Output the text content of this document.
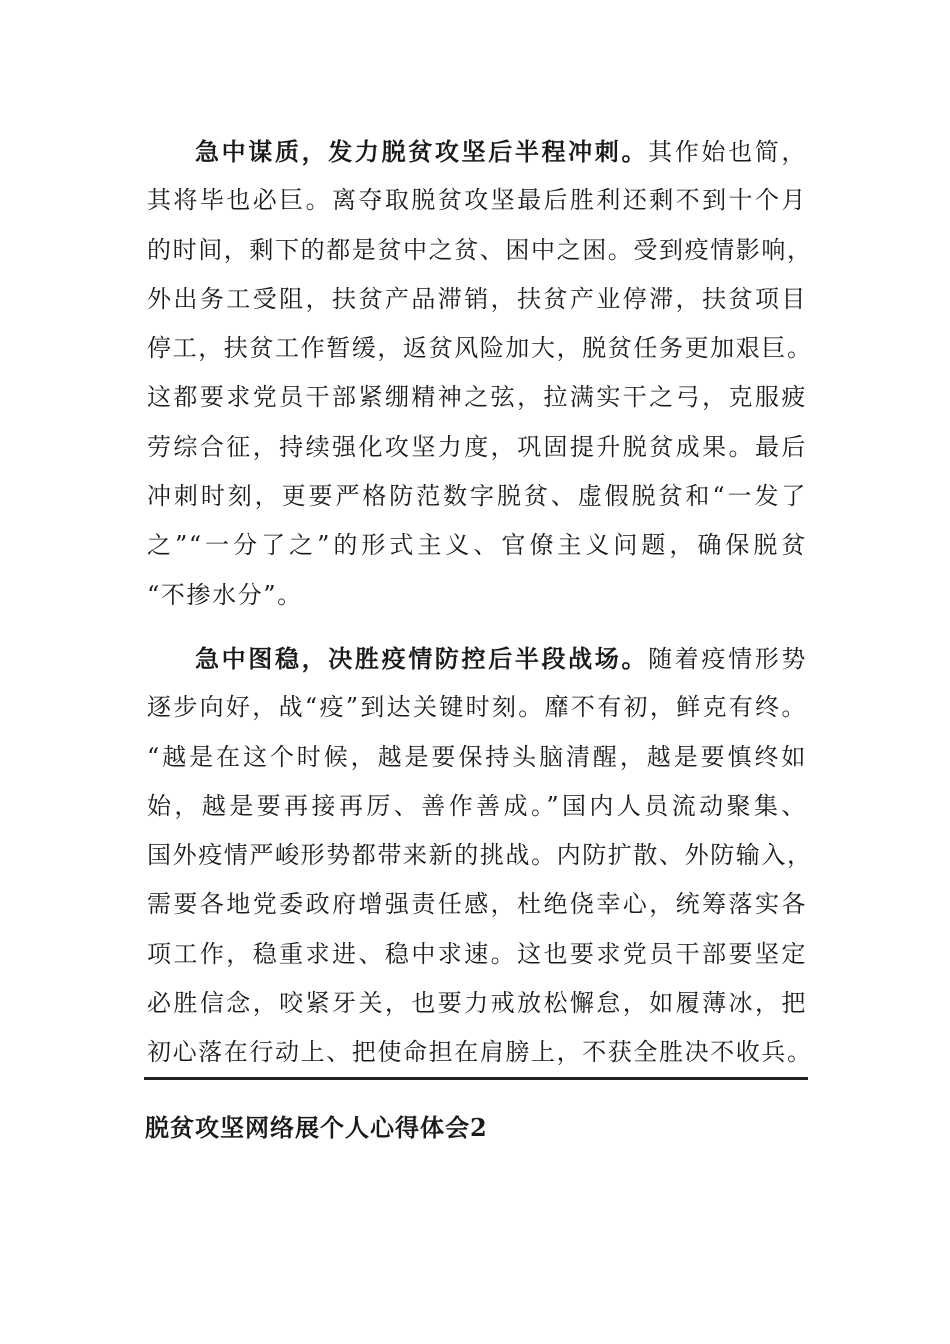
急中谋质，发力脱贫攻坚后半程冲刺。其作始也简，
其将毕也必巨。离夺取脱贫攻坚最后胜利还剩不到十个月
的时间，剩下的都是贫中之贫、困中之困。受到疫情影响，
外出务工受阻，扶贫产品滞销，扶贫产业停滞，扶贫项目
停工，扶贫工作暂缓，返贫风险加大，脱贫任务更加艰巨。
这都要求党员干部紧绷精神之弦，拉满实干之弓，克服疲
劳综合征，持续强化攻坚力度，巩固提升脱贫成果。最后
冲刺时刻，更要严格防范数字脱贫、虚假脱贫和“一发了
之”“一分了之”的形式主义、官僚主义问题，确保脱贫
“不掺水分”。
急中图稳，决胜疫情防控后半段战场。随着疫情形势
逐步向好，战“疫”到达关键时刻。靡不有初，鲜克有终。
“越是在这个时候，越是要保持头脑清醒，越是要慎终如
始，越是要再接再厉、善作善成。”国内人员流动聚集、
国外疫情严峻形势都带来新的挑战。内防扩散、外防输入，
需要各地党委政府增强责任感，杜绝侥幸心，统筹落实各
项工作，稳重求进、稳中求速。这也要求党员干部要坚定
必胜信念，咬紧牙关，也要力戒放松懈怠，如履薄冰，把
初心落在行动上、把使命担在肩膀上，不获全胜决不收兵。
脱贫攻坚网络展个人心得体会2
